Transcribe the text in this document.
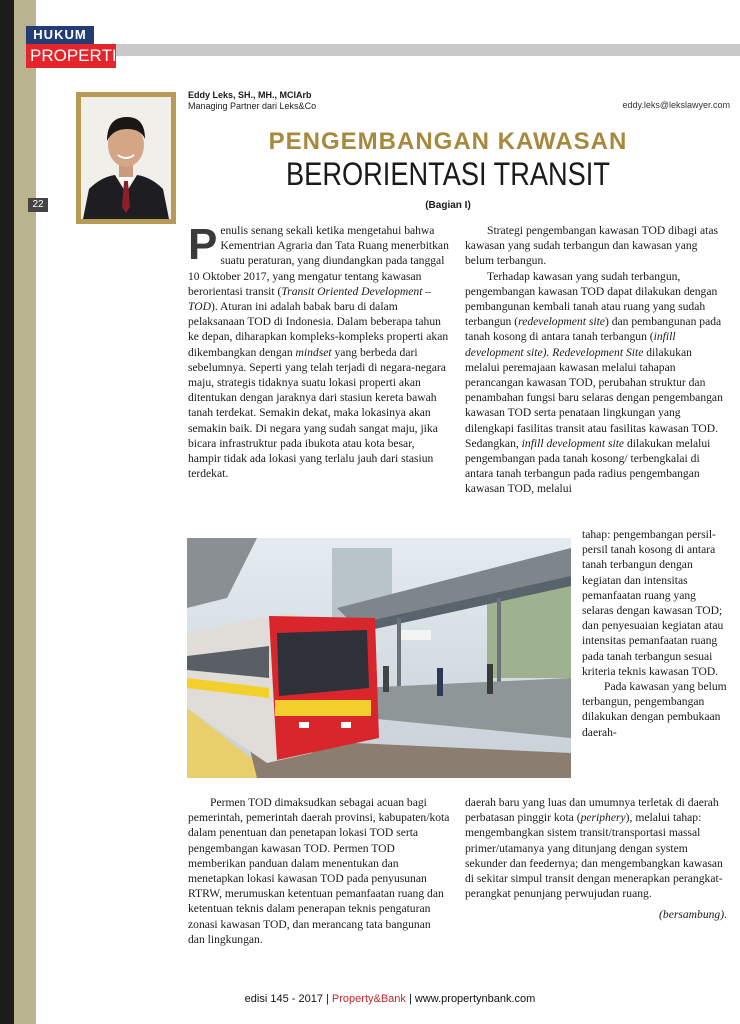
HUKUM
PROPERTI
22
Eddy Leks, SH., MH., MCIArb
Managing Partner dari Leks&Co	eddy.leks@lekslawyer.com
PENGEMBANGAN KAWASAN
BERORIENTASI TRANSIT
(Bagian I)

Penulis senang sekali ketika mengetahui bahwa Kementrian Agraria dan Tata Ruang menerbitkan suatu peraturan, yang diundangkan pada tanggal 10 Oktober 2017, yang mengatur tentang kawasan berorientasi transit (Transit Oriented Development – TOD). Aturan ini adalah babak baru di dalam pelaksanaan TOD di Indonesia. Dalam beberapa tahun ke depan, diharapkan kompleks-kompleks properti akan dikembangkan dengan mindset yang berbeda dari sebelumnya. Seperti yang telah terjadi di negara-negara maju, strategis tidaknya suatu lokasi properti akan ditentukan dengan jaraknya dari stasiun kereta bawah tanah terdekat. Semakin dekat, maka lokasinya akan semakin baik. Di negara yang sudah sangat maju, jika bicara infrastruktur pada ibukota atau kota besar, hampir tidak ada lokasi yang terlalu jauh dari stasiun terdekat.

Strategi pengembangan kawasan TOD dibagi atas kawasan yang sudah terbangun dan kawasan yang belum terbangun.

Terhadap kawasan yang sudah terbangun, pengembangan kawasan TOD dapat dilakukan dengan pembangunan kembali tanah atau ruang yang sudah terbangun (redevelopment site) dan pembangunan pada tanah kosong di antara tanah terbangun (infill development site). Redevelopment Site dilakukan melalui peremajaan kawasan melalui tahapan perancangan kawasan TOD, perubahan struktur dan penambahan fungsi baru selaras dengan pengembangan kawasan TOD serta penataan lingkungan yang dilengkapi fasilitas transit atau fasilitas kawasan TOD. Sedangkan, infill development site dilakukan melalui pengembangan pada tanah kosong/ terbengkalai di antara tanah terbangun pada radius pengembangan kawasan TOD, melalui

tahap: pengembangan persil-persil tanah kosong di antara tanah terbangun dengan kegiatan dan intensitas pemanfaatan ruang yang selaras dengan kawasan TOD; dan penyesuaian kegiatan atau intensitas pemanfaatan ruang pada tanah terbangun sesuai kriteria teknis kawasan TOD.

Pada kawasan yang belum terbangun, pengembangan dilakukan dengan pembukaan daerah-

Permen TOD dimaksudkan sebagai acuan bagi pemerintah, pemerintah daerah provinsi, kabupaten/kota dalam penentuan dan penetapan lokasi TOD serta pengembangan kawasan TOD. Permen TOD memberikan panduan dalam menentukan dan menetapkan lokasi kawasan TOD pada penyusunan RTRW, merumuskan ketentuan pemanfaatan ruang dan ketentuan teknis dalam penerapan teknis pengaturan zonasi kawasan TOD, dan merancang tata bangunan dan lingkungan.

daerah baru yang luas dan umumnya terletak di daerah perbatasan pinggir kota (periphery), melalui tahap: mengembangkan sistem transit/transportasi massal primer/utamanya yang ditunjang dengan system sekunder dan feedernya; dan mengembangkan kawasan di sekitar simpul transit dengan menerapkan perangkat-perangkat penunjang perwujudan ruang.

(bersambung).

edisi 145 - 2017 | Property&Bank | www.propertynbank.com
